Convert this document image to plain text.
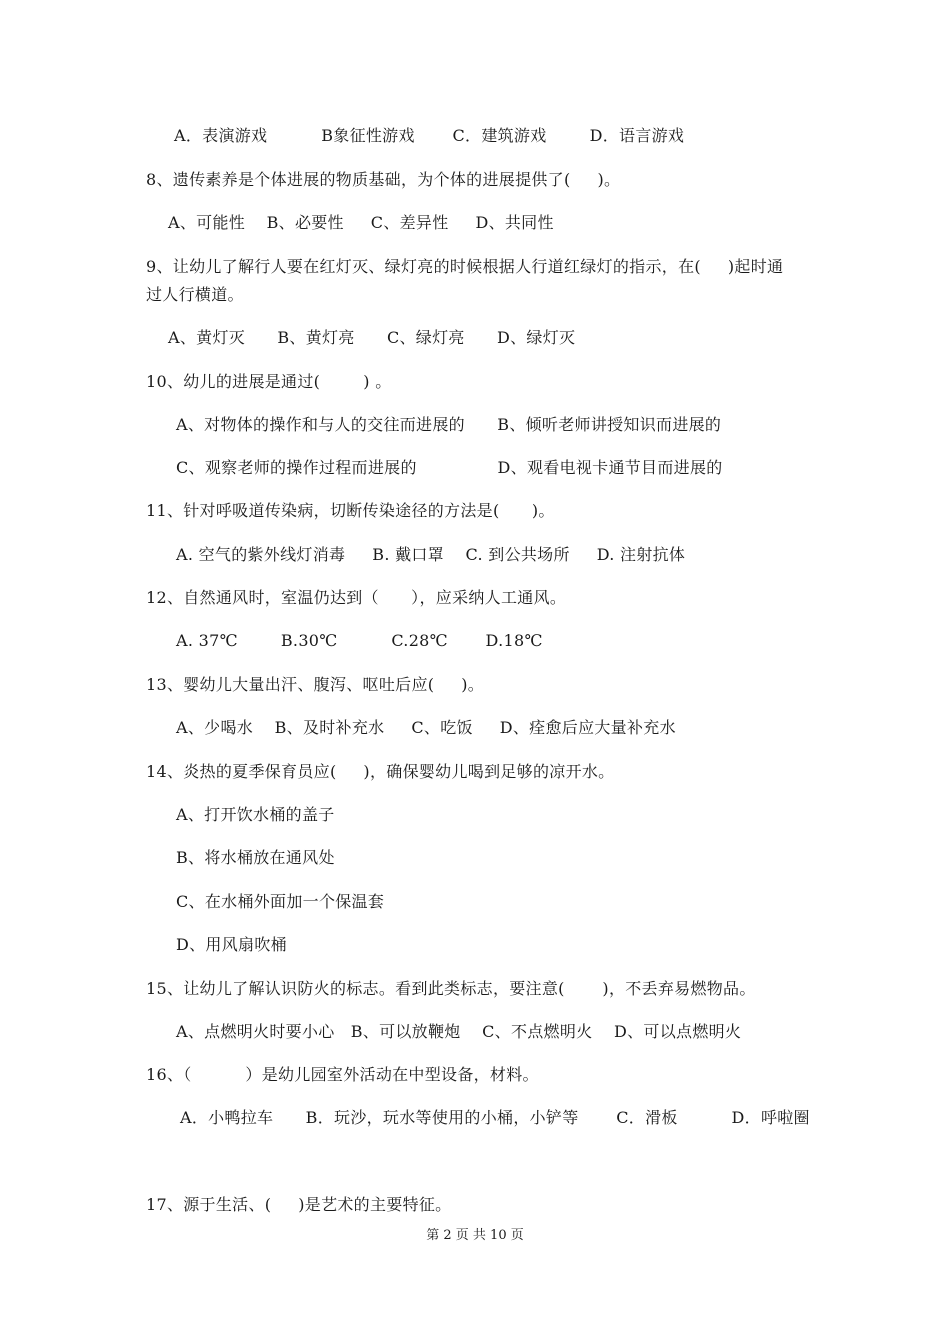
A．表演游戏          B象征性游戏       C．建筑游戏        D．语言游戏
8、遗传素养是个体进展的物质基础，为个体的进展提供了(     )。
A、可能性    B、必要性     C、差异性     D、共同性
9、让幼儿了解行人要在红灯灭、绿灯亮的时候根据人行道红绿灯的指示，在(     )起时通
过人行横道。
A、黄灯灭      B、黄灯亮      C、绿灯亮      D、绿灯灭
10、幼儿的进展是通过(        ) 。
A、对物体的操作和与人的交往而进展的      B、倾听老师讲授知识而进展的
C、观察老师的操作过程而进展的               D、观看电视卡通节目而进展的
11、针对呼吸道传染病，切断传染途径的方法是(      )。
A. 空气的紫外线灯消毒     B. 戴口罩    C. 到公共场所     D. 注射抗体
12、自然通风时，室温仍达到（      ），应采纳人工通风。
A. 37℃        B.30℃          C.28℃       D.18℃
13、婴幼儿大量出汗、腹泻、呕吐后应(     )。
A、少喝水    B、及时补充水     C、吃饭     D、痊愈后应大量补充水
14、炎热的夏季保育员应(     )，确保婴幼儿喝到足够的凉开水。
A、打开饮水桶的盖子
B、将水桶放在通风处
C、在水桶外面加一个保温套
D、用风扇吹桶
15、让幼儿了解认识防火的标志。看到此类标志，要注意(       )，不丢弃易燃物品。
A、点燃明火时要小心   B、可以放鞭炮    C、不点燃明火    D、可以点燃明火
16、（          ）是幼儿园室外活动在中型设备，材料。
A．小鸭拉车      B．玩沙，玩水等使用的小桶，小铲等       C．滑板          D．呼啦圈
17、源于生活、(     )是艺术的主要特征。
第 2 页 共 10 页
